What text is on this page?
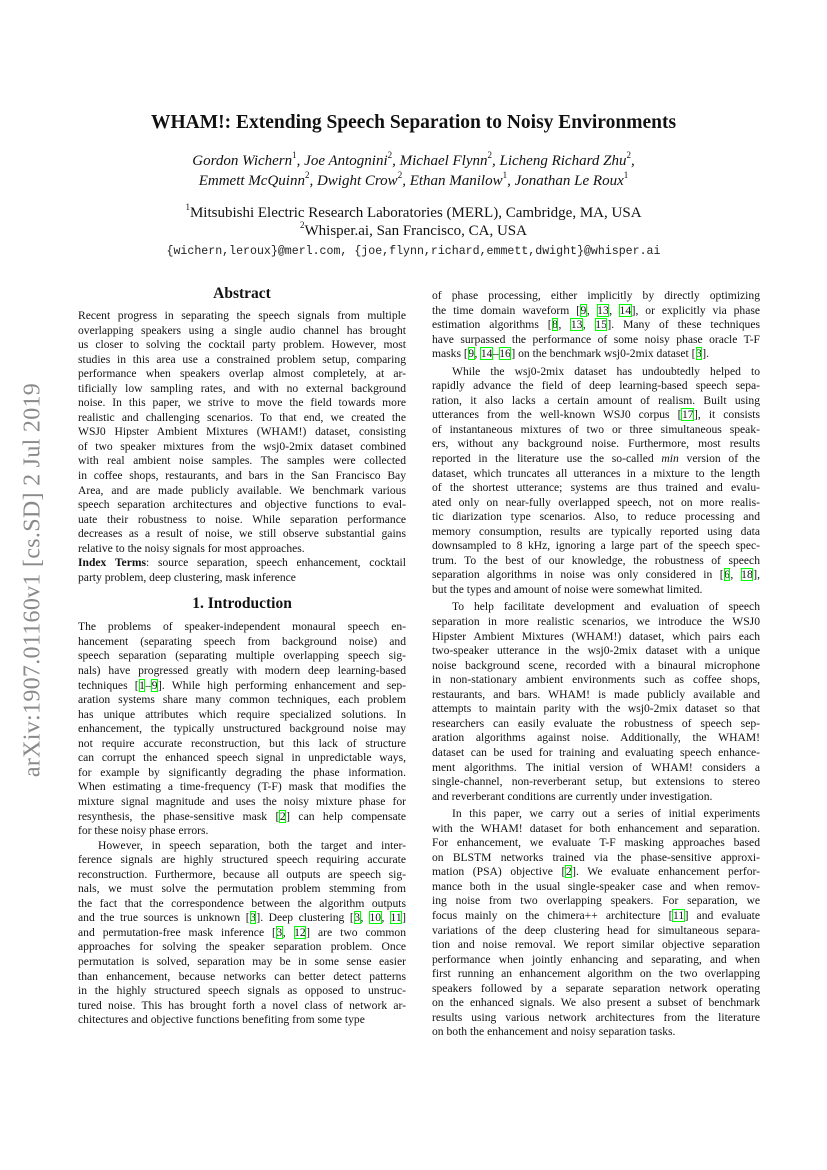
arXiv:1907.01160v1 [cs.SD] 2 Jul 2019
WHAM!: Extending Speech Separation to Noisy Environments
Gordon Wichern$^1$, Joe Antognini$^2$, Michael Flynn$^2$, Licheng Richard Zhu$^2$,
Emmett McQuinn$^2$, Dwight Crow$^2$, Ethan Manilow$^1$, Jonathan Le Roux$^1$
$^1$Mitsubishi Electric Research Laboratories (MERL), Cambridge, MA, USA
$^2$Whisper.ai, San Francisco, CA, USA
{wichern,leroux}@merl.com, {joe,flynn,richard,emmett,dwight}@whisper.ai
Abstract
Recent progress in separating the speech signals from multiple
overlapping speakers using a single audio channel has brought
us closer to solving the cocktail party problem. However, most
studies in this area use a constrained problem setup, comparing
performance when speakers overlap almost completely, at ar-
tificially low sampling rates, and with no external background
noise. In this paper, we strive to move the field towards more
realistic and challenging scenarios. To that end, we created the
WSJ0 Hipster Ambient Mixtures (WHAM!) dataset, consisting
of two speaker mixtures from the wsj0-2mix dataset combined
with real ambient noise samples. The samples were collected
in coffee shops, restaurants, and bars in the San Francisco Bay
Area, and are made publicly available. We benchmark various
speech separation architectures and objective functions to eval-
uate their robustness to noise. While separation performance
decreases as a result of noise, we still observe substantial gains
relative to the noisy signals for most approaches.
Index Terms: source separation, speech enhancement, cocktail
party problem, deep clustering, mask inference
1. Introduction
The problems of speaker-independent monaural speech en-
hancement (separating speech from background noise) and
speech separation (separating multiple overlapping speech sig-
nals) have progressed greatly with modern deep learning-based
techniques [1–9]. While high performing enhancement and sep-
aration systems share many common techniques, each problem
has unique attributes which require specialized solutions. In
enhancement, the typically unstructured background noise may
not require accurate reconstruction, but this lack of structure
can corrupt the enhanced speech signal in unpredictable ways,
for example by significantly degrading the phase information.
When estimating a time-frequency (T-F) mask that modifies the
mixture signal magnitude and uses the noisy mixture phase for
resynthesis, the phase-sensitive mask [2] can help compensate
for these noisy phase errors.
However, in speech separation, both the target and inter-
ference signals are highly structured speech requiring accurate
reconstruction. Furthermore, because all outputs are speech sig-
nals, we must solve the permutation problem stemming from
the fact that the correspondence between the algorithm outputs
and the true sources is unknown [3]. Deep clustering [3, 10, 11]
and permutation-free mask inference [3, 12] are two common
approaches for solving the speaker separation problem. Once
permutation is solved, separation may be in some sense easier
than enhancement, because networks can better detect patterns
in the highly structured speech signals as opposed to unstruc-
tured noise. This has brought forth a novel class of network ar-
chitectures and objective functions benefiting from some type
of phase processing, either implicitly by directly optimizing
the time domain waveform [9, 13, 14], or explicitly via phase
estimation algorithms [8, 13, 15]. Many of these techniques
have surpassed the performance of some noisy phase oracle T-F
masks [9, 14–16] on the benchmark wsj0-2mix dataset [3].
While the wsj0-2mix dataset has undoubtedly helped to
rapidly advance the field of deep learning-based speech sepa-
ration, it also lacks a certain amount of realism. Built using
utterances from the well-known WSJ0 corpus [17], it consists
of instantaneous mixtures of two or three simultaneous speak-
ers, without any background noise. Furthermore, most results
reported in the literature use the so-called min version of the
dataset, which truncates all utterances in a mixture to the length
of the shortest utterance; systems are thus trained and evalu-
ated only on near-fully overlapped speech, not on more realis-
tic diarization type scenarios. Also, to reduce processing and
memory consumption, results are typically reported using data
downsampled to 8 kHz, ignoring a large part of the speech spec-
trum. To the best of our knowledge, the robustness of speech
separation algorithms in noise was only considered in [6, 18],
but the types and amount of noise were somewhat limited.
To help facilitate development and evaluation of speech
separation in more realistic scenarios, we introduce the WSJ0
Hipster Ambient Mixtures (WHAM!) dataset, which pairs each
two-speaker utterance in the wsj0-2mix dataset with a unique
noise background scene, recorded with a binaural microphone
in non-stationary ambient environments such as coffee shops,
restaurants, and bars. WHAM! is made publicly available and
attempts to maintain parity with the wsj0-2mix dataset so that
researchers can easily evaluate the robustness of speech sep-
aration algorithms against noise. Additionally, the WHAM!
dataset can be used for training and evaluating speech enhance-
ment algorithms. The initial version of WHAM! considers a
single-channel, non-reverberant setup, but extensions to stereo
and reverberant conditions are currently under investigation.
In this paper, we carry out a series of initial experiments
with the WHAM! dataset for both enhancement and separation.
For enhancement, we evaluate T-F masking approaches based
on BLSTM networks trained via the phase-sensitive approxi-
mation (PSA) objective [2]. We evaluate enhancement perfor-
mance both in the usual single-speaker case and when remov-
ing noise from two overlapping speakers. For separation, we
focus mainly on the chimera++ architecture [11] and evaluate
variations of the deep clustering head for simultaneous separa-
tion and noise removal. We report similar objective separation
performance when jointly enhancing and separating, and when
first running an enhancement algorithm on the two overlapping
speakers followed by a separate separation network operating
on the enhanced signals. We also present a subset of benchmark
results using various network architectures from the literature
on both the enhancement and noisy separation tasks.
